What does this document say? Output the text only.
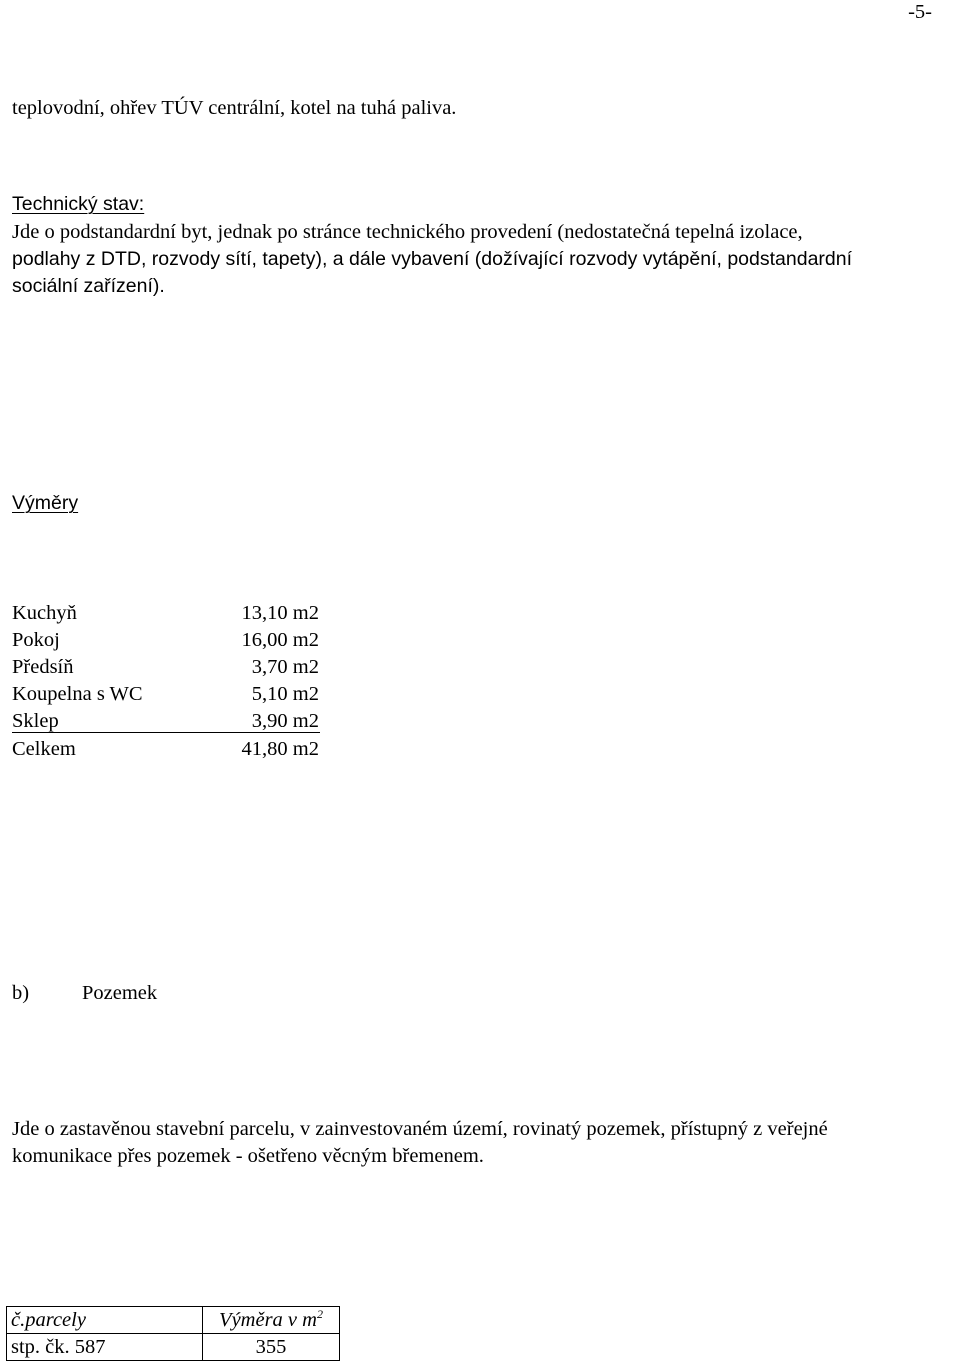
-5-
teplovodní, ohřev TÚV centrální, kotel na tuhá paliva.
Technický stav:
Jde o podstandardní byt, jednak po stránce technického provedení (nedostatečná tepelná izolace,
podlahy z DTD, rozvody sítí, tapety), a dále vybavení (dožívající rozvody vytápění, podstandardní
sociální zařízení).
Výměry
Kuchyň	13,10 m2
Pokoj	16,00 m2
Předsíň	3,70 m2
Koupelna s WC	5,10 m2
Sklep	3,90 m2
Celkem	41,80 m2
b)	Pozemek
Jde o zastavěnou stavební parcelu, v zainvestovaném území, rovinatý pozemek, přístupný z veřejné
komunikace přes pozemek - ošetřeno věcným břemenem.
č.parcely	Výměra v $m^2$
stp. čk. 587	355
